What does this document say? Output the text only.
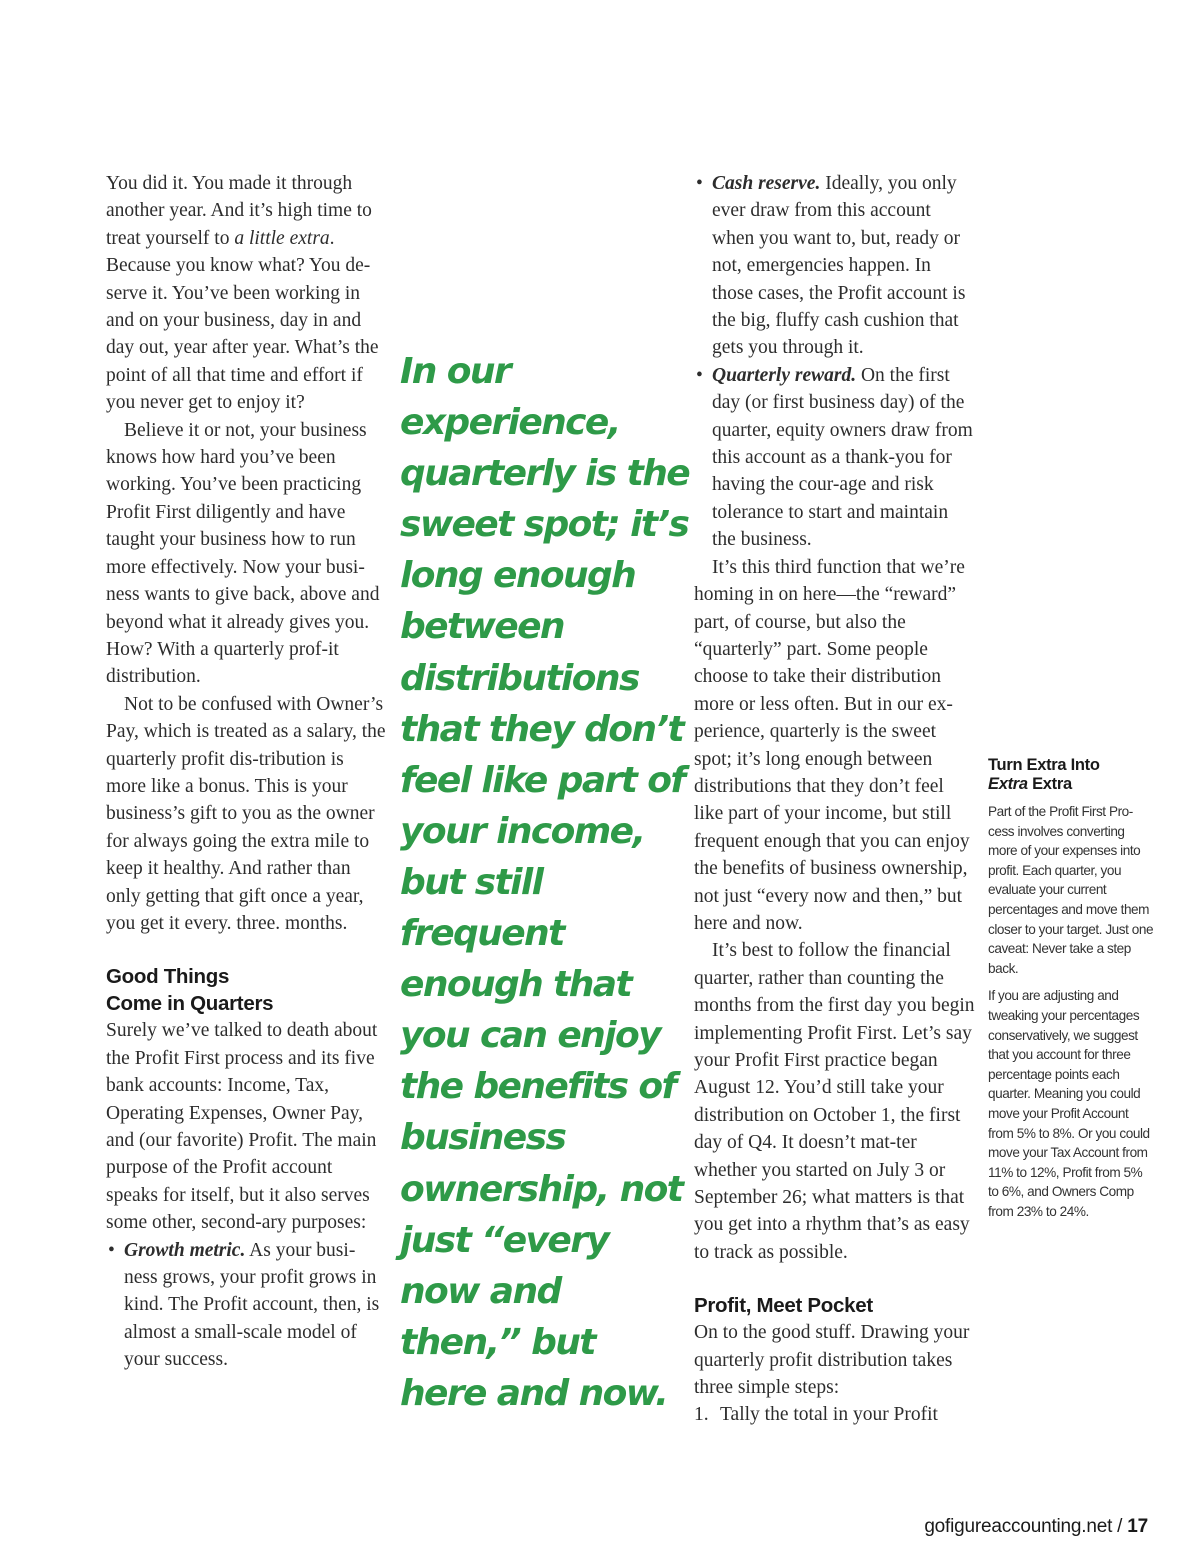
You did it. You made it through another year. And it’s high time to treat yourself to a little extra. Because you know what? You de-serve it. You’ve been working in and on your business, day in and day out, year after year. What’s the point of all that time and effort if you never get to enjoy it?

Believe it or not, your business knows how hard you’ve been working. You’ve been practicing Profit First diligently and have taught your business how to run more effectively. Now your busi-ness wants to give back, above and beyond what it already gives you. How? With a quarterly prof-it distribution.

Not to be confused with Owner’s Pay, which is treated as a salary, the quarterly profit dis-tribution is more like a bonus. This is your business’s gift to you as the owner for always going the extra mile to keep it healthy. And rather than only getting that gift once a year, you get it every. three. months.

Good Things
Come in Quarters

Surely we’ve talked to death about the Profit First process and its five bank accounts: Income, Tax, Operating Expenses, Owner Pay, and (our favorite) Profit. The main purpose of the Profit account speaks for itself, but it also serves some other, second-ary purposes:

• Growth metric. As your busi-ness grows, your profit grows in kind. The Profit account, then, is almost a small-scale model of your success.

In our experience, quarterly is the sweet spot; it’s long enough between distributions that they don’t feel like part of your income, but still frequent enough that you can enjoy the benefits of business ownership, not just “every now and then,” but here and now.

• Cash reserve. Ideally, you only ever draw from this account when you want to, but, ready or not, emergencies happen. In those cases, the Profit account is the big, fluffy cash cushion that gets you through it.
• Quarterly reward. On the first day (or first business day) of the quarter, equity owners draw from this account as a thank-you for having the cour-age and risk tolerance to start and maintain the business.

It’s this third function that we’re homing in on here—the “reward” part, of course, but also the “quarterly” part. Some people choose to take their distribution more or less often. But in our ex-perience, quarterly is the sweet spot; it’s long enough between distributions that they don’t feel like part of your income, but still frequent enough that you can enjoy the benefits of business ownership, not just “every now and then,” but here and now.

It’s best to follow the financial quarter, rather than counting the months from the first day you begin implementing Profit First. Let’s say your Profit First practice began August 12. You’d still take your distribution on October 1, the first day of Q4. It doesn’t mat-ter whether you started on July 3 or September 26; what matters is that you get into a rhythm that’s as easy to track as possible.

Profit, Meet Pocket

On to the good stuff. Drawing your quarterly profit distribution takes three simple steps:

1. Tally the total in your Profit
Turn Extra Into
Extra Extra

Part of the Profit First Pro-cess involves converting more of your expenses into profit. Each quarter, you evaluate your current percentages and move them closer to your target. Just one caveat: Never take a step back.

If you are adjusting and tweaking your percentages conservatively, we suggest that you account for three percentage points each quarter. Meaning you could move your Profit Account from 5% to 8%. Or you could move your Tax Account from 11% to 12%, Profit from 5% to 6%, and Owners Comp from 23% to 24%.

gofigureaccounting.net / 17
